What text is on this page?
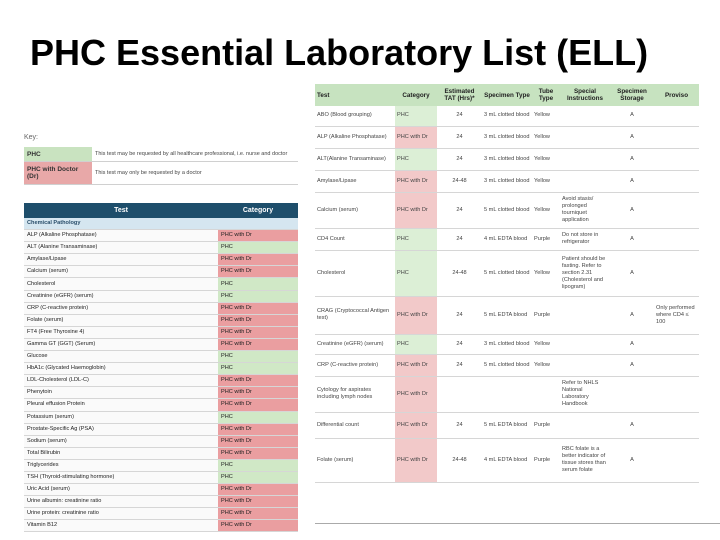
PHC Essential Laboratory List (ELL)
Key:
PHC	This test may be requested by all healthcare professional, i.e. nurse and doctor
PHC with Doctor (Dr)	This test may only be requested by a doctor
Test	Category
Chemical Pathology	
ALP (Alkaline Phosphatase)	PHC with Dr
ALT (Alanine Transaminase)	PHC
Amylase/Lipase	PHC with Dr
Calcium (serum)	PHC with Dr
Cholesterol	PHC
Creatinine (eGFR) (serum)	PHC
CRP (C-reactive protein)	PHC with Dr
Folate (serum)	PHC with Dr
FT4 (Free Thyroxine 4)	PHC with Dr
Gamma GT (GGT) (Serum)	PHC with Dr
Glucose	PHC
HbA1c (Glycated Haemoglobin)	PHC
LDL-Cholesterol (LDL-C)	PHC with Dr
Phenytoin	PHC with Dr
Pleural effusion Protein	PHC with Dr
Potassium (serum)	PHC
Prostate-Specific Ag (PSA)	PHC with Dr
Sodium (serum)	PHC with Dr
Total Bilirubin	PHC with Dr
Triglycerides	PHC
TSH (Thyroid-stimulating hormone)	PHC
Uric Acid (serum)	PHC with Dr
Urine albumin: creatinine ratio	PHC with Dr
Urine protein: creatinine ratio	PHC with Dr
Vitamin B12	PHC with Dr
Test	Category	Estimated TAT (Hrs)*	Specimen Type	Tube Type	Special Instructions	Specimen Storage	Proviso
ABO (Blood grouping)	PHC	24	3 mL clotted blood	Yellow		A	
ALP (Alkaline Phosphatase)	PHC with Dr	24	3 mL clotted blood	Yellow		A	
ALT(Alanine Transaminase)	PHC	24	3 mL clotted blood	Yellow		A	
Amylase/Lipase	PHC with Dr	24-48	3 mL clotted blood	Yellow		A	
Calcium (serum)	PHC with Dr	24	5 mL clotted blood	Yellow	Avoid stasis/ prolonged tourniquet application	A	
CD4 Count	PHC	24	4 mL EDTA blood	Purple	Do not store in refrigerator	A	
Cholesterol	PHC	24-48	5 mL clotted blood	Yellow	Patient should be fasting. Refer to section 2.31 (Cholesterol and lipogram)	A	
CRAG (Cryptococcal Antigen test)	PHC with Dr	24	5 mL EDTA blood	Purple		A	Only performed where CD4 ≤ 100
Creatinine (eGFR) (serum)	PHC	24	3 mL clotted blood	Yellow		A	
CRP (C-reactive protein)	PHC with Dr	24	5 mL clotted blood	Yellow		A	
Cytology for aspirates including lymph nodes	PHC with Dr				Refer to NHLS National Laboratory Handbook		
Differential count	PHC with Dr	24	5 mL EDTA blood	Purple		A	
Folate (serum)	PHC with Dr	24-48	4 mL EDTA blood	Purple	RBC folate is a better indicator of tissue stores than serum folate	A	
